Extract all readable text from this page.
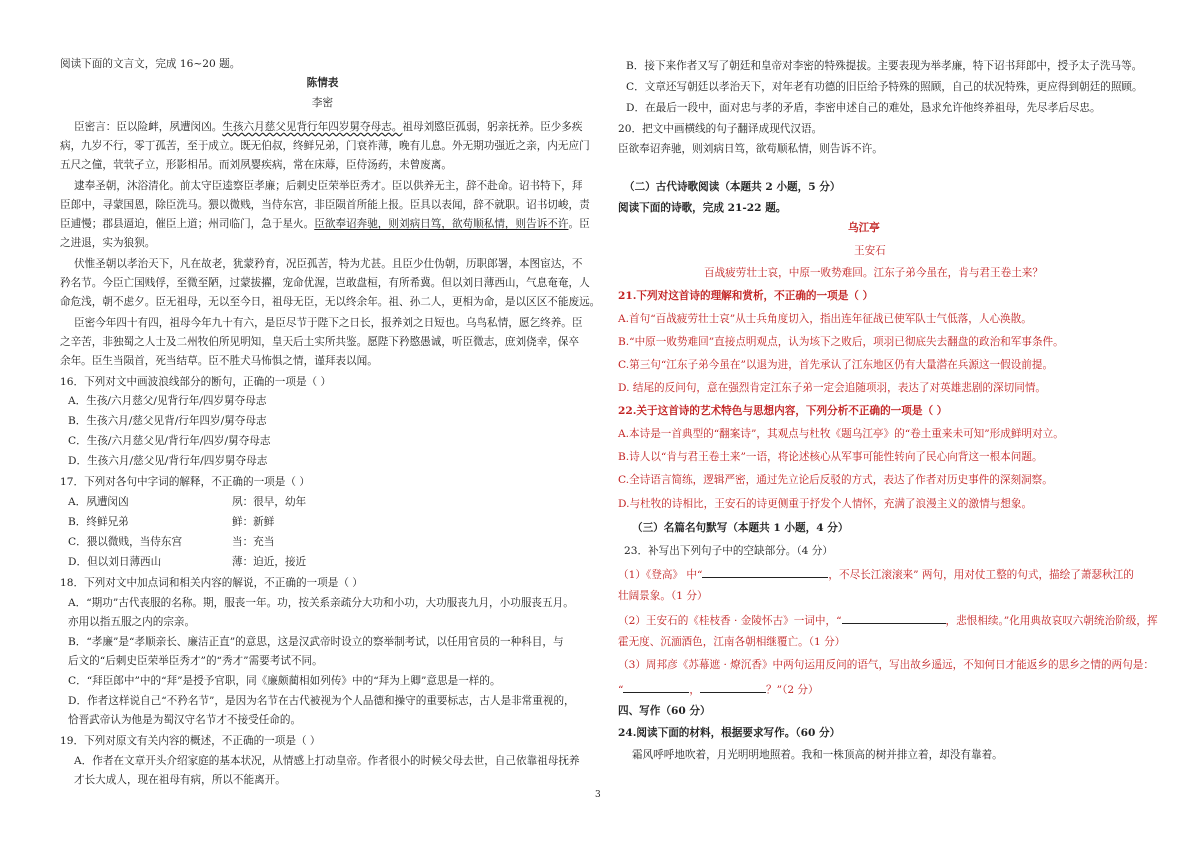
阅读下面的文言文，完成 16~20 题。
陈情表
李密
臣密言：臣以险衅，夙遭闵凶。生孩六月慈父见背行年四岁舅夺母志。祖母刘愍臣孤弱，躬亲抚养。臣少多疾
病，九岁不行，零丁孤苦，至于成立。既无伯叔，终鲜兄弟，门衰祚薄，晚有儿息。外无期功强近之亲，内无应门
五尺之僮，茕茕孑立，形影相吊。而刘夙婴疾病，常在床蓐，臣侍汤药，未曾废离。
逮奉圣朝，沐浴清化。前太守臣逵察臣孝廉；后刺史臣荣举臣秀才。臣以供养无主，辞不赴命。诏书特下，拜
臣郎中，寻蒙国恩，除臣洗马。猥以微贱，当侍东宫，非臣陨首所能上报。臣具以表闻，辞不就职。诏书切峻，责
臣逋慢；郡县逼迫，催臣上道；州司临门，急于星火。臣欲奉诏奔驰，则刘病日笃，欲苟顺私情，则告诉不许。臣
之进退，实为狼狈。
伏惟圣朝以孝治天下，凡在故老，犹蒙矜育，况臣孤苦，特为尤甚。且臣少仕伪朝，历职郎署，本图宦达，不
矜名节。今臣亡国贱俘，至微至陋，过蒙拔擢，宠命优渥，岂敢盘桓，有所希冀。但以刘日薄西山，气息奄奄，人
命危浅，朝不虑夕。臣无祖母，无以至今日，祖母无臣，无以终余年。祖、孙二人，更相为命，是以区区不能废远。
臣密今年四十有四，祖母今年九十有六，是臣尽节于陛下之日长，报养刘之日短也。乌鸟私情，愿乞终养。臣
之辛苦，非独蜀之人士及二州牧伯所见明知，皇天后土实所共鉴。愿陛下矜愍愚诚，听臣微志，庶刘侥幸，保卒
余年。臣生当陨首，死当结草。臣不胜犬马怖惧之情，谨拜表以闻。
16．下列对文中画波浪线部分的断句，正确的一项是（ ）
A．生孩/六月慈父/见背行年/四岁舅夺母志
B．生孩六月/慈父见背/行年四岁/舅夺母志
C．生孩/六月慈父见/背行年/四岁/舅夺母志
D．生孩六月/慈父见/背行年/四岁舅夺母志
17．下列对各句中字词的解释，不正确的一项是（ ）
A．夙遭闵凶	夙：很早，幼年
B．终鲜兄弟	鲜：新鲜
C．猥以微贱，当侍东宫	当：充当
D．但以刘日薄西山	薄：迫近，接近
18．下列对文中加点词和相关内容的解说，不正确的一项是（ ）
A．“期功”古代丧服的名称。期，服丧一年。功，按关系亲疏分大功和小功，大功服丧九月，小功服丧五月。
亦用以指五服之内的宗亲。
B．“孝廉”是“孝顺亲长、廉洁正直”的意思，这是汉武帝时设立的察举制考试，以任用官员的一种科目，与
后文的“后刺史臣荣举臣秀才”的“秀才”需要考试不同。
C．“拜臣郎中”中的“拜”是授予官职，同《廉颇蔺相如列传》中的“拜为上卿”意思是一样的。
D．作者这样说自己“不矜名节”，是因为名节在古代被视为个人品德和操守的重要标志，古人是非常重视的，
恰晋武帝认为他是为蜀汉守名节才不接受任命的。
19．下列对原文有关内容的概述，不正确的一项是（ ）
A．作者在文章开头介绍家庭的基本状况，从情感上打动皇帝。作者很小的时候父母去世，自己依靠祖母抚养
才长大成人，现在祖母有病，所以不能离开。
B．接下来作者又写了朝廷和皇帝对李密的特殊提拔。主要表现为举孝廉，特下诏书拜郎中，授予太子洗马等。
C．文章还写朝廷以孝治天下，对年老有功德的旧臣给予特殊的照顾，自己的状况特殊，更应得到朝廷的照顾。
D．在最后一段中，面对忠与孝的矛盾，李密申述自己的难处，恳求允许他终养祖母，先尽孝后尽忠。
20．把文中画横线的句子翻译成现代汉语。
臣欲奉诏奔驰，则刘病日笃，欲苟顺私情，则告诉不许。
（二）古代诗歌阅读（本题共 2 小题，5 分）
阅读下面的诗歌，完成 21-22 题。
乌江亭
王安石
百战疲劳壮士哀，中原一败势难回。江东子弟今虽在，肯与君王卷土来？
21.下列对这首诗的理解和赏析，不正确的一项是（ ）
A.首句“百战疲劳壮士哀”从士兵角度切入，指出连年征战已使军队士气低落，人心涣散。
B.“中原一败势难回”直接点明观点，认为垓下之败后，项羽已彻底失去翻盘的政治和军事条件。
C.第三句“江东子弟今虽在”以退为进，首先承认了江东地区仍有大量潜在兵源这一假设前提。
D. 结尾的反问句，意在强烈肯定江东子弟一定会追随项羽，表达了对英雄悲剧的深切同情。
22.关于这首诗的艺术特色与思想内容，下列分析不正确的一项是（ ）
A.本诗是一首典型的“翻案诗”，其观点与杜牧《题乌江亭》的“卷土重来未可知”形成鲜明对立。
B.诗人以“肯与君王卷土来”一语，将论述核心从军事可能性转向了民心向背这一根本问题。
C.全诗语言简练，逻辑严密，通过先立论后反驳的方式，表达了作者对历史事件的深刻洞察。
D.与杜牧的诗相比，王安石的诗更侧重于抒发个人情怀，充满了浪漫主义的激情与想象。
（三）名篇名句默写（本题共 1 小题，4 分）
23．补写出下列句子中的空缺部分。（4 分）
（1）《登高》 中“	，不尽长江滚滚来” 两句，用对仗工整的句式，描绘了萧瑟秋江的
壮阔景象。（1 分）
（2）王安石的《桂枝香 · 金陵怀古》一词中，“	，悲恨相续。”化用典故哀叹六朝统治阶级，挥
霍无度、沉湎酒色，江南各朝相继覆亡。（1 分）
（3）周邦彦《苏幕遮 · 燎沉香》中两句运用反问的语气，写出故乡遥远，不知何日才能返乡的思乡之情的两句是：
“	，	？”（2 分）
四、写作（60 分）
24.阅读下面的材料，根据要求写作。（60 分）
霜风呼呼地吹着，月光明明地照着。我和一株顶高的树并排立着，却没有靠着。
3
